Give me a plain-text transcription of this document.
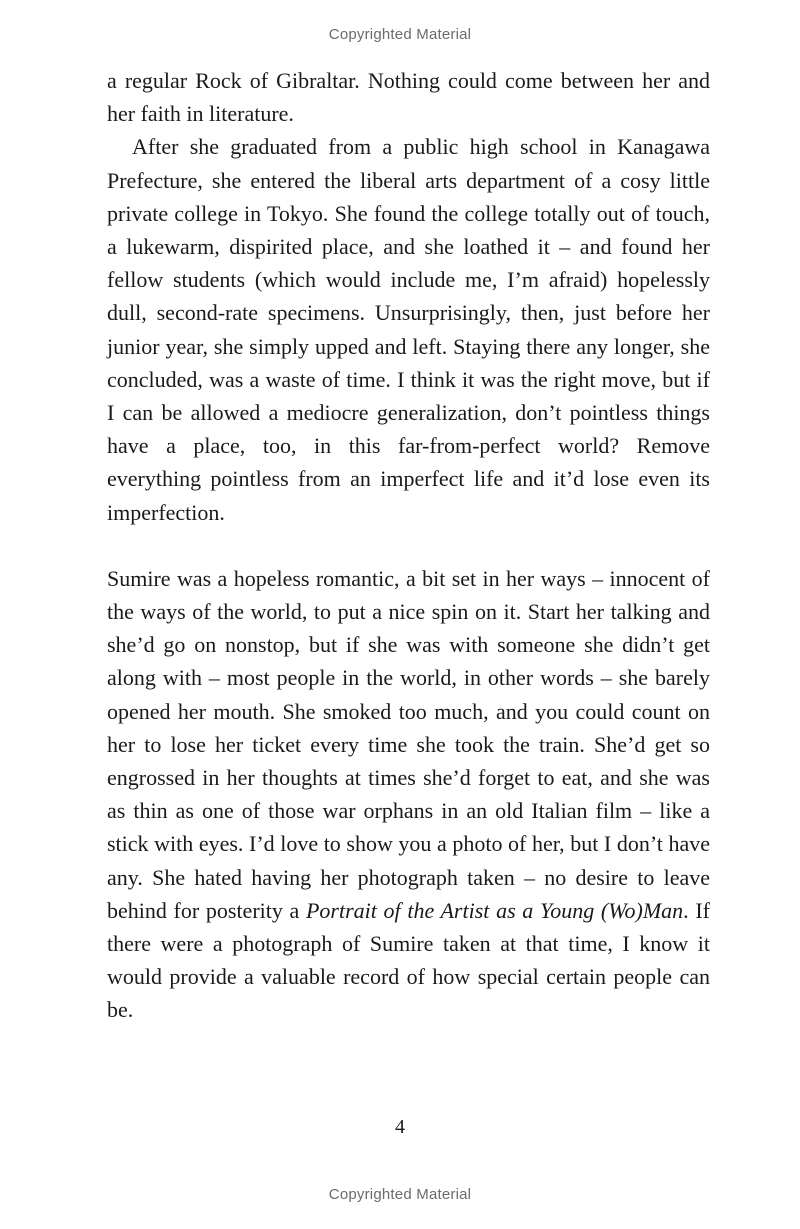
Copyrighted Material

a regular Rock of Gibraltar. Nothing could come between her and her faith in literature.

After she graduated from a public high school in Kanagawa Prefecture, she entered the liberal arts department of a cosy little private college in Tokyo. She found the college totally out of touch, a lukewarm, dispirited place, and she loathed it – and found her fellow students (which would include me, I’m afraid) hopelessly dull, second-rate specimens. Unsurprisingly, then, just before her junior year, she simply upped and left. Staying there any longer, she concluded, was a waste of time. I think it was the right move, but if I can be allowed a mediocre generalization, don’t pointless things have a place, too, in this far-from-perfect world? Remove everything pointless from an imperfect life and it’d lose even its imperfection.

Sumire was a hopeless romantic, a bit set in her ways – innocent of the ways of the world, to put a nice spin on it. Start her talking and she’d go on nonstop, but if she was with someone she didn’t get along with – most people in the world, in other words – she barely opened her mouth. She smoked too much, and you could count on her to lose her ticket every time she took the train. She’d get so engrossed in her thoughts at times she’d forget to eat, and she was as thin as one of those war orphans in an old Italian film – like a stick with eyes. I’d love to show you a photo of her, but I don’t have any. She hated having her photograph taken – no desire to leave behind for posterity a Portrait of the Artist as a Young (Wo)Man. If there were a photograph of Sumire taken at that time, I know it would provide a valuable record of how special certain people can be.

4
Copyrighted Material
